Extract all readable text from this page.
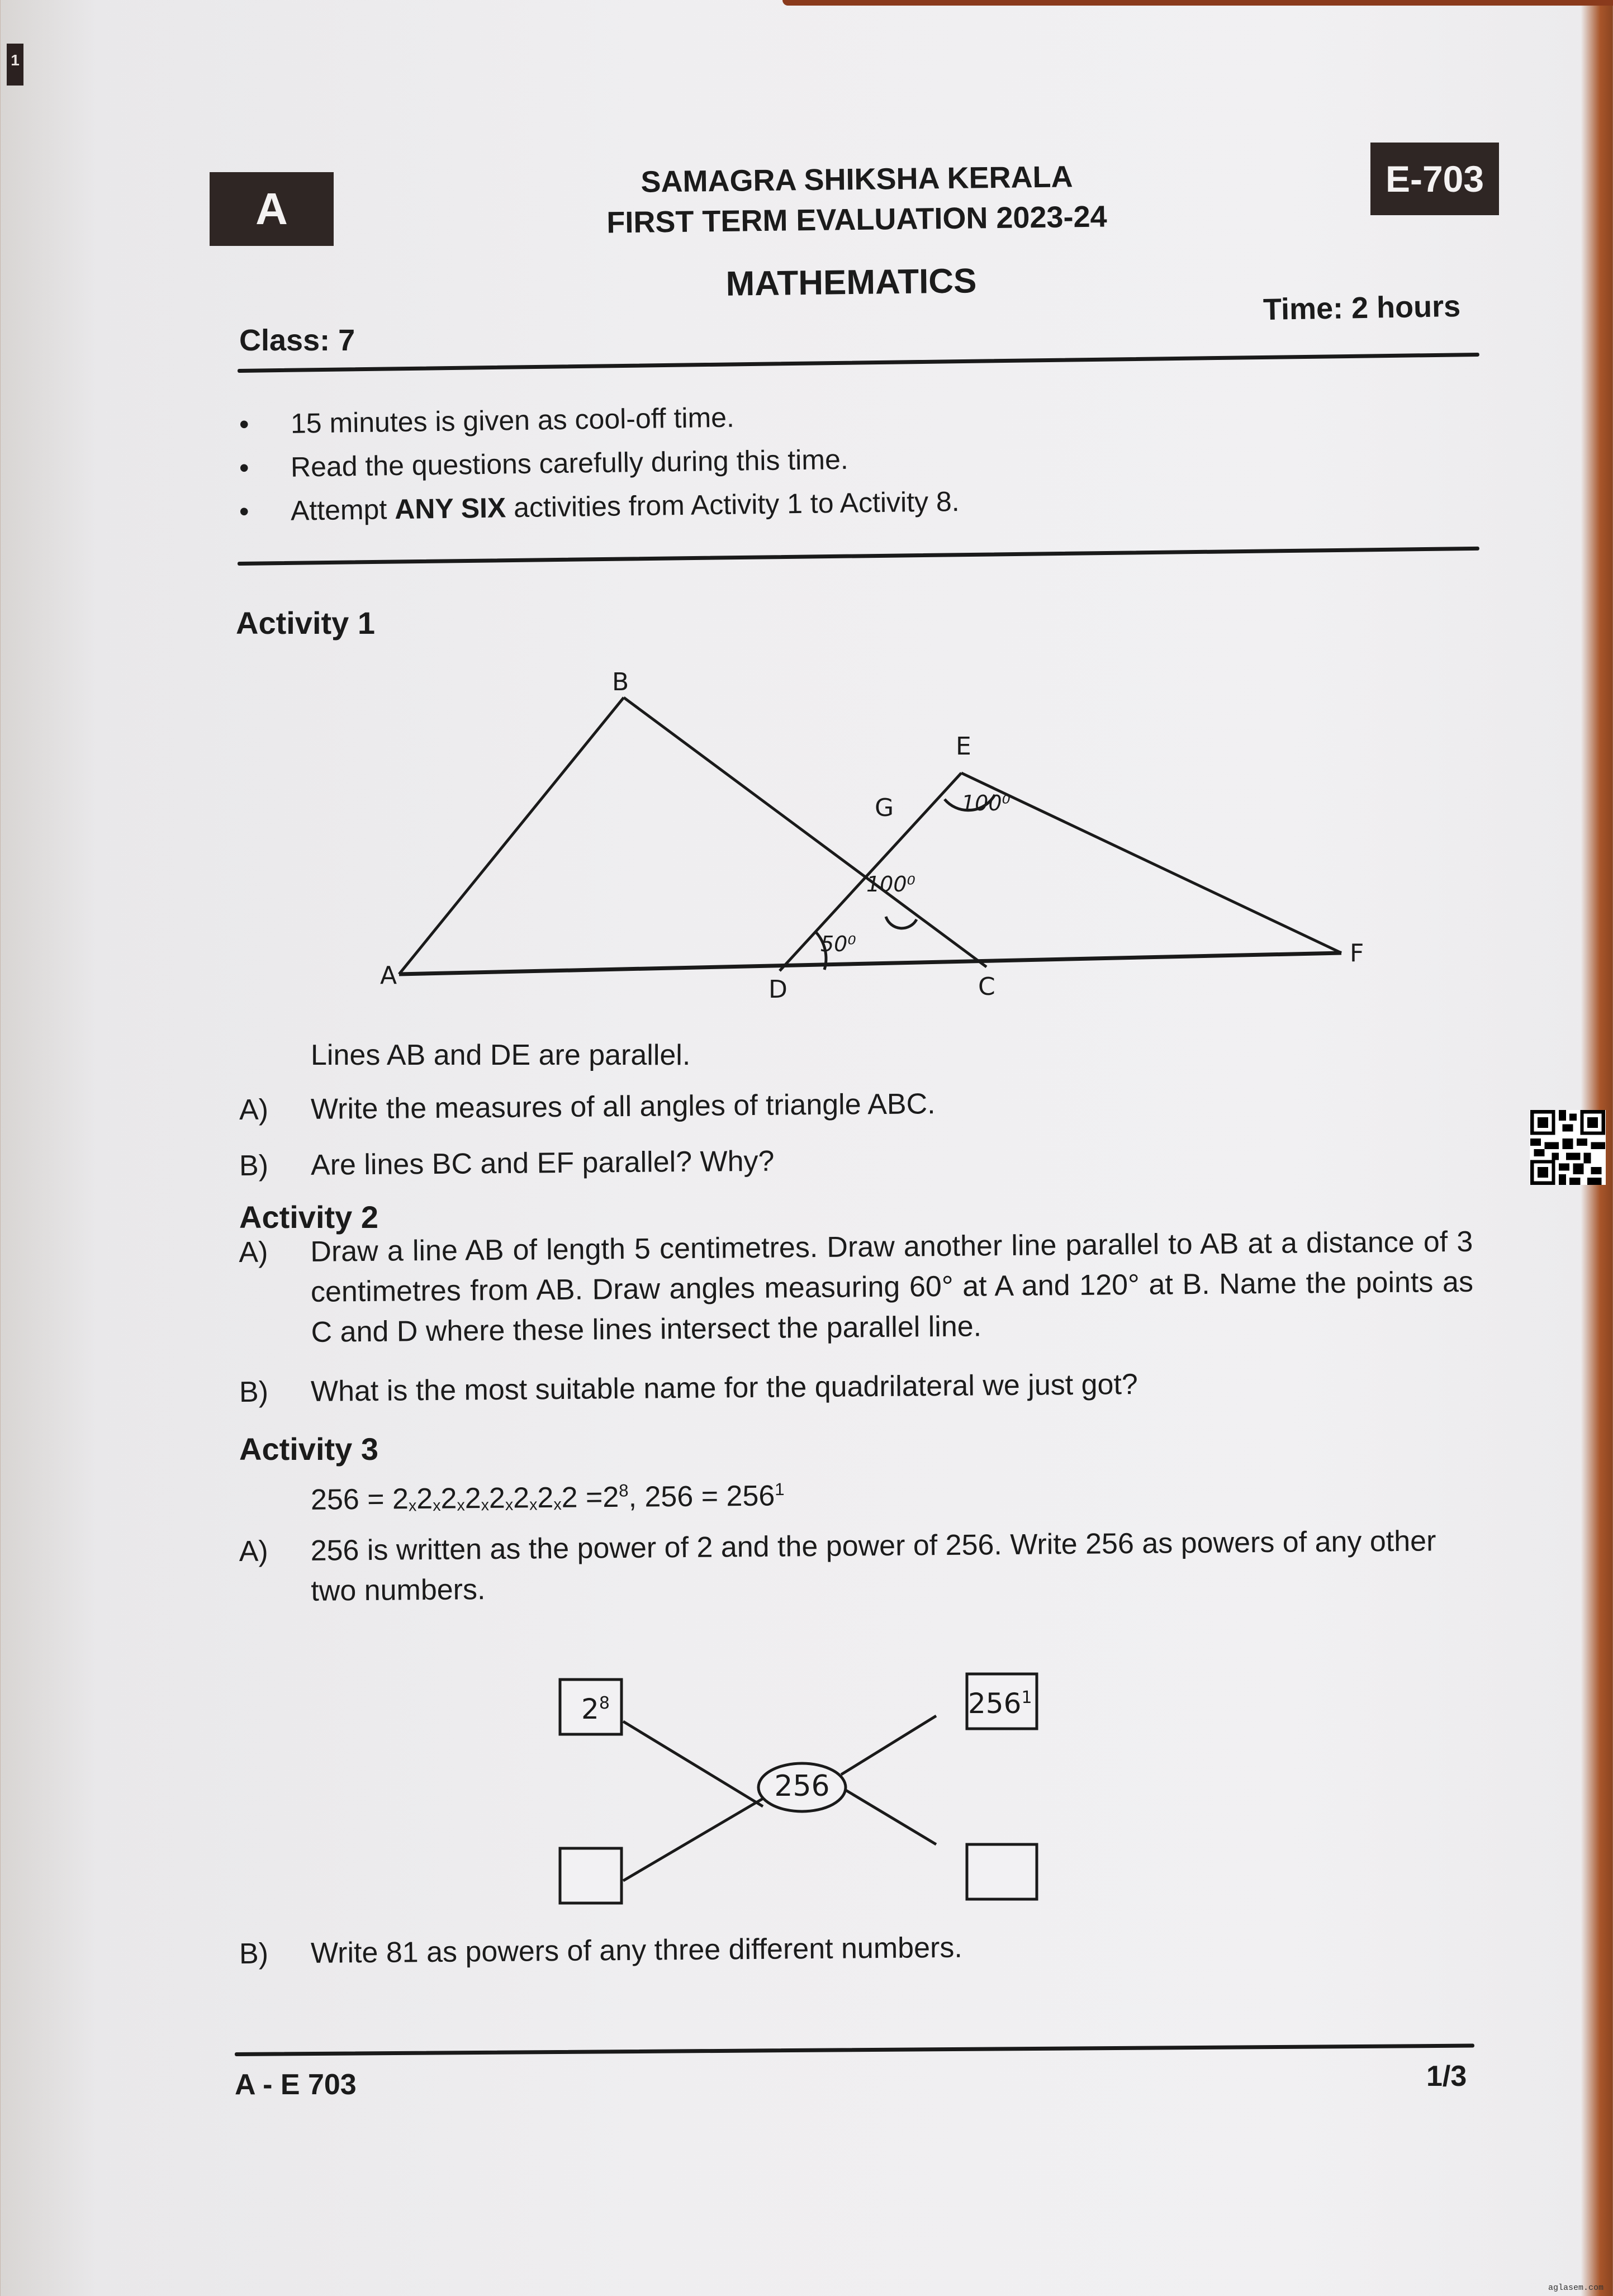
1
A
E-703
SAMAGRA SHIKSHA KERALA
FIRST TERM EVALUATION 2023-24
MATHEMATICS
Class: 7
Time: 2 hours
• 15 minutes is given as cool-off time.
• Read the questions carefully during this time.
• Attempt ANY SIX activities from Activity 1 to Activity 8.
Activity 1
B
E
G
A	D	C
F
100⁰
100⁰
50⁰
Lines AB and DE are parallel.
A) Write the measures of all angles of triangle ABC.
B) Are lines BC and EF parallel? Why?
Activity 2
A)	Draw a line AB of length 5 centimetres. Draw another line parallel to AB at a distance of 3 centimetres from AB. Draw angles measuring 60° at A and 120° at B. Name the points as C and D where these lines intersect the parallel line.
B) What is the most suitable name for the quadrilateral we just got?
Activity 3
$256 = 2x2x2x2x2x2x2x2 =2^8$, $256 = 256^1$
A)	256 is written as the power of 2 and the power of 256. Write 256 as powers of any other two numbers.
256
$2^8$	$256^1$
B) Write 81 as powers of any three different numbers.
A - E 703	1/3
aglasem.com
